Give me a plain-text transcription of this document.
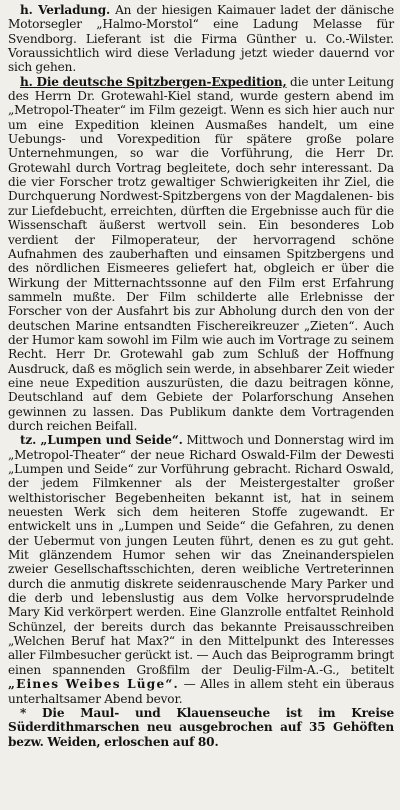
h. Verladung. An der hiesigen Kaimauer ladet der dänische Motorsegler „Halmo-Morstol“ eine Ladung Melasse für Svendborg. Lieferant ist die Firma Günther u. Co.-Wilster. Voraussichtlich wird diese Verladung jetzt wieder dauernd vor sich gehen.

h. Die deutsche Spitzbergen-Expedition, die unter Leitung des Herrn Dr. Grotewahl-Kiel stand, wurde gestern abend im „Metropol-Theater“ im Film gezeigt. Wenn es sich hier auch nur um eine Expedition kleinen Ausmaßes handelt, um eine Uebungs- und Vorexpedition für spätere große polare Unternehmungen, so war die Vorführung, die Herr Dr. Grotewahl durch Vortrag begleitete, doch sehr interessant. Da die vier Forscher trotz gewaltiger Schwierigkeiten ihr Ziel, die Durchquerung Nordwest-Spitzbergens von der Magdalenen- bis zur Liefdebucht, erreichten, dürften die Ergebnisse auch für die Wissenschaft äußerst wertvoll sein. Ein besonderes Lob verdient der Filmoperateur, der hervorragend schöne Aufnahmen des zauberhaften und einsamen Spitzbergens und des nördlichen Eismeeres geliefert hat, obgleich er über die Wirkung der Mitternachtssonne auf den Film erst Erfahrung sammeln mußte. Der Film schilderte alle Erlebnisse der Forscher von der Ausfahrt bis zur Abholung durch den von der deutschen Marine entsandten Fischereikreuzer „Zieten“. Auch der Humor kam sowohl im Film wie auch im Vortrage zu seinem Recht. Herr Dr. Grotewahl gab zum Schluß der Hoffnung Ausdruck, daß es möglich sein werde, in absehbarer Zeit wieder eine neue Expedition auszurüsten, die dazu beitragen könne, Deutschland auf dem Gebiete der Polarforschung Ansehen gewinnen zu lassen. Das Publikum dankte dem Vortragenden durch reichen Beifall.

tz. „Lumpen und Seide“. Mittwoch und Donnerstag wird im „Metropol-Theater“ der neue Richard Oswald-Film der Dewesti „Lumpen und Seide“ zur Vorführung gebracht. Richard Oswald, der jedem Filmkenner als der Meistergestalter großer welthistorischer Begebenheiten bekannt ist, hat in seinem neuesten Werk sich dem heiteren Stoffe zugewandt. Er entwickelt uns in „Lumpen und Seide“ die Gefahren, zu denen der Uebermut von jungen Leuten führt, denen es zu gut geht. Mit glänzendem Humor sehen wir das Zneinanderspielen zweier Gesellschaftsschichten, deren weibliche Vertreterinnen durch die anmutig diskrete seidenrauschende Mary Parker und die derb und lebenslustig aus dem Volke hervorsprudelnde Mary Kid verkörpert werden. Eine Glanzrolle entfaltet Reinhold Schünzel, der bereits durch das bekannte Preisausschreiben „Welchen Beruf hat Max?“ in den Mittelpunkt des Interesses aller Filmbesucher gerückt ist. — Auch das Beiprogramm bringt einen spannenden Großfilm der Deulig-Film-A.-G., betitelt „Eines Weibes Lüge“. — Alles in allem steht ein überaus unterhaltsamer Abend bevor.

* Die Maul- und Klauenseuche ist im Kreise Süderdithmarschen neu ausgebrochen auf 35 Gehöften bezw. Weiden, erloschen auf 80.
